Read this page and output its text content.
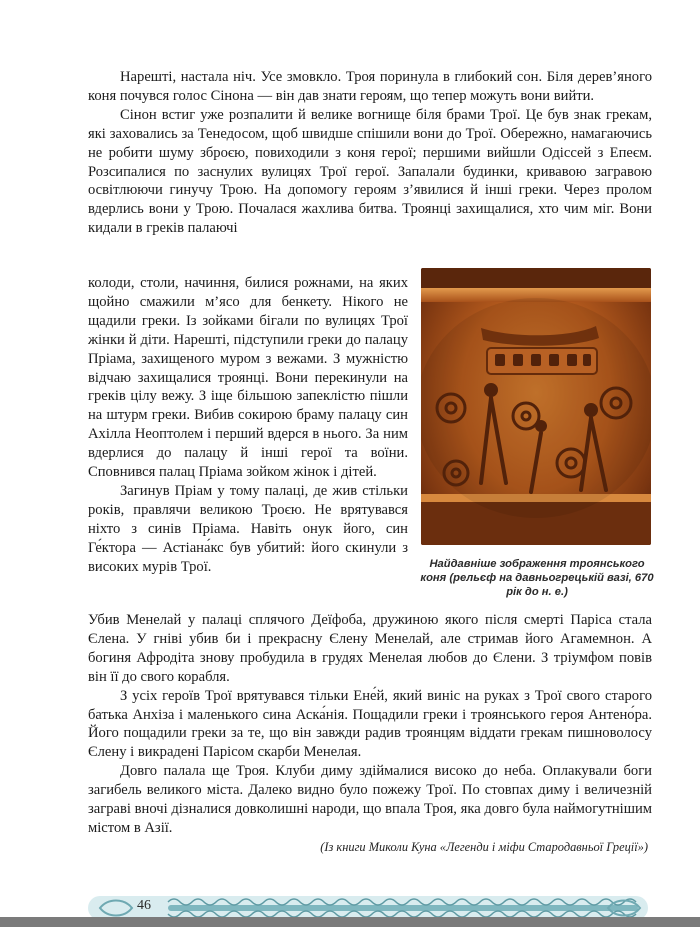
Нарешті, настала ніч. Усе змовкло. Троя поринула в глибокий сон. Біля дерев’яного коня почувся голос Сінона — він дав знати героям, що тепер можуть вони вийти.

Сінон встиг уже розпалити й велике вогнище біля брами Трої. Це був знак грекам, які заховались за Тенедосом, щоб швидше спішили вони до Трої. Обережно, намагаючись не робити шуму зброєю, повиходили з коня герої; першими вийшли Одіссей з Епеєм. Розсипалися по заснулих вулицях Трої герої. Запалали будинки, кривавою загравою освітлюючи гинучу Трою. На допомогу героям з’явилися й інші греки. Через пролом вдерлись вони у Трою. Почалася жахлива битва. Троянці захищалися, хто чим міг. Вони кидали в греків палаючі

колоди, столи, начиння, билися рожнами, на яких щойно смажили м’ясо для бенкету. Нікого не щадили греки. Із зойками бігали по вулицях Трої жінки й діти. Нарешті, підступили греки до палацу Пріама, захищеного муром з вежами. З мужністю відчаю захищалися троянці. Вони перекинули на греків цілу вежу. З іще більшою запеклістю пішли на штурм греки. Вибив сокирою браму палацу син Ахілла Неоптолем і перший вдерся в нього. За ним вдерлися до палацу й інші герої та воїни. Сповнився палац Пріама зойком жінок і дітей.

Загинув Пріам у тому палаці, де жив стільки років, правлячи великою Троєю. Не врятувався ніхто з синів Пріама. Навіть онук його, син Ге́ктора — Астіана́кс був убитий: його скинули з високих мурів Трої.	Найдавніше зображення троянського коня (рельєф на давньогрецькій вазі, 670 рік до н. е.)

Убив Менелай у палаці сплячого Деїфоба, дружиною якого після смерті Паріса стала Єлена. У гніві убив би і прекрасну Єлену Менелай, але стримав його Агамемнон. А богиня Афродіта знову пробудила в грудях Менелая любов до Єлени. З тріумфом повів він її до свого корабля.

З усіх героїв Трої врятувався тільки Ене́й, який виніс на руках з Трої свого старого батька Анхіза і маленького сина Аска́нія. Пощадили греки і троянського героя Антено́ра. Його пощадили греки за те, що він завжди радив троянцям віддати грекам пишноволосу Єлену і викрадені Парісом скарби Менелая.

Довго палала ще Троя. Клуби диму здіймалися високо до неба. Оплакували боги загибель великого міста. Далеко видно було пожежу Трої. По стовпах диму і величезній заграві вночі дізналися довколишні народи, що впала Троя, яка довго була наймогутнішим містом в Азії.

(Із книги Миколи Куна «Легенди і міфи Стародавньої Греції»)
46
